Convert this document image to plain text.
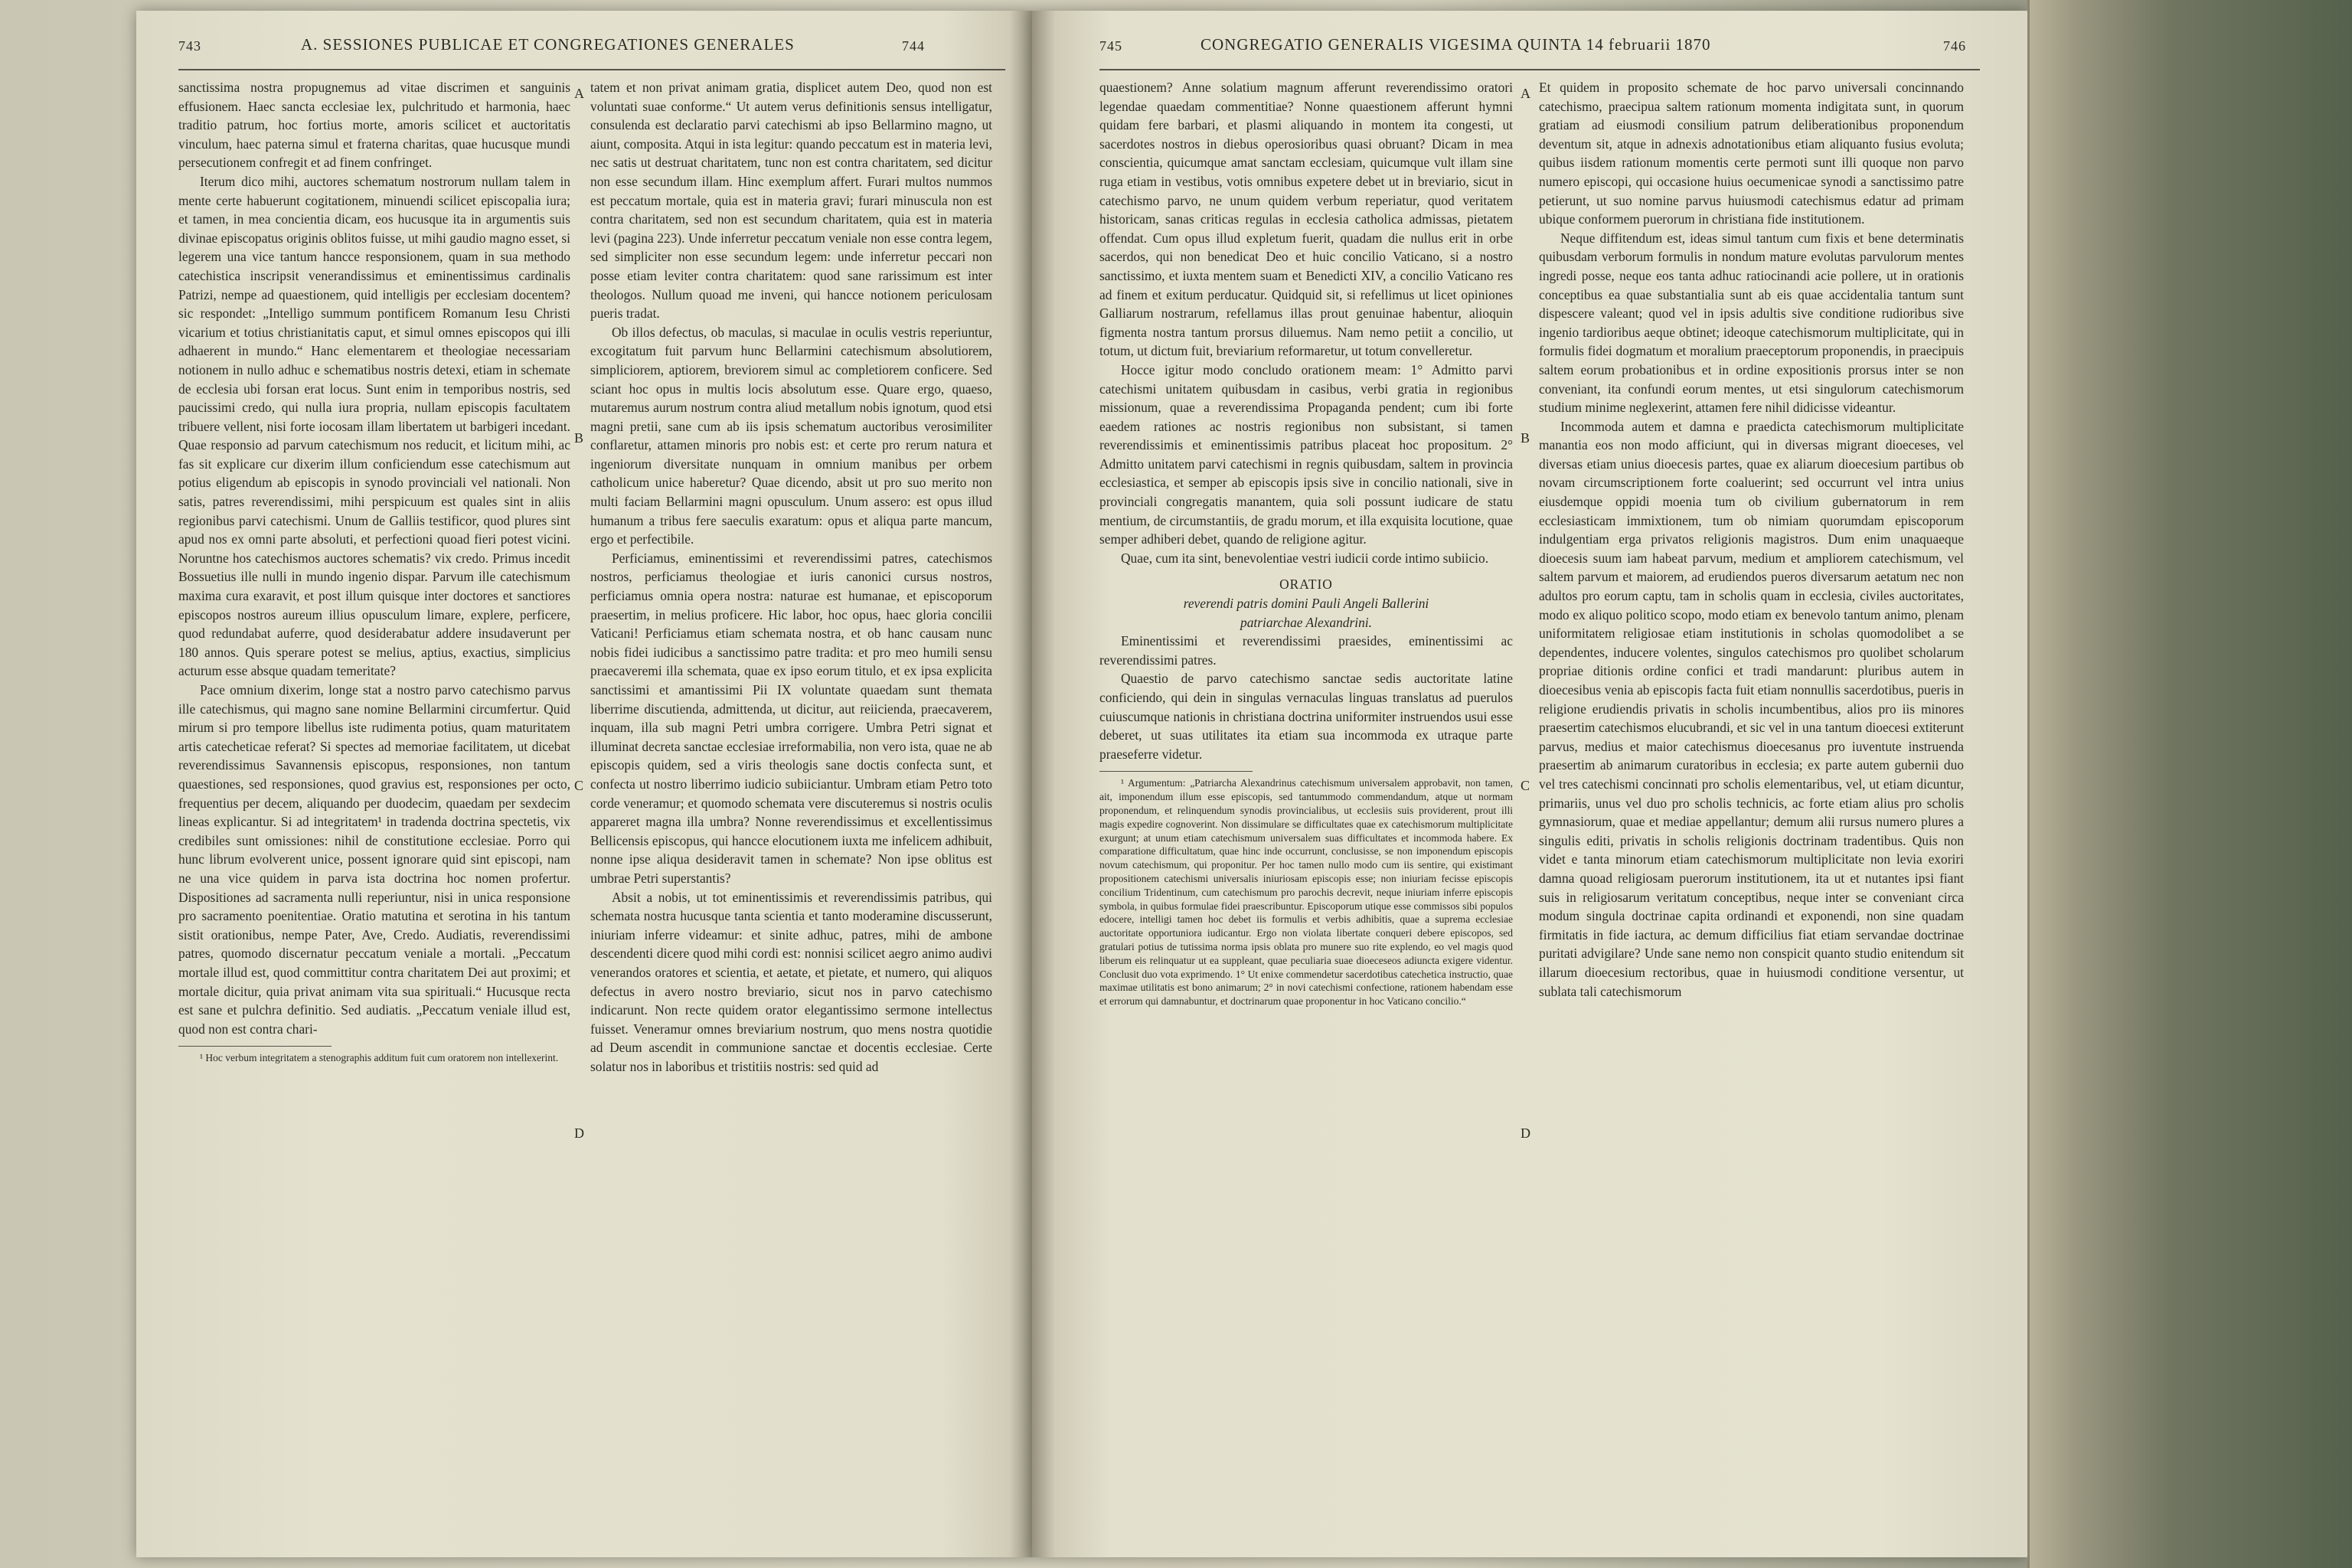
743	A. SESSIONES PUBLICAE ET CONGREGATIONES GENERALES	744

sanctissima nostra propugnemus ad vitae discrimen et sanguinis effusionem. Haec sancta ecclesiae lex, pulchritudo et harmonia, haec traditio patrum, hoc fortius morte, amoris scilicet et auctoritatis vinculum, haec paterna simul et fraterna charitas, quae hucusque mundi persecutionem confregit et ad finem confringet.

Iterum dico mihi, auctores schematum nostrorum nullam talem in mente certe habuerunt cogitationem, minuendi scilicet episcopalia iura; et tamen, in mea concientia dicam, eos hucusque ita in argumentis suis divinae episcopatus originis oblitos fuisse, ut mihi gaudio magno esset, si legerem una vice tantum hancce responsionem, quam in sua methodo catechistica inscripsit venerandissimus et eminentissimus cardinalis Patrizi, nempe ad quaestionem, quid intelligis per ecclesiam docentem? sic respondet: „Intelligo summum pontificem Romanum Iesu Christi vicarium et totius christianitatis caput, et simul omnes episcopos qui illi adhaerent in mundo.“ Hanc elementarem et theologiae necessariam notionem in nullo adhuc e schematibus nostris detexi, etiam in schemate de ecclesia ubi forsan erat locus. Sunt enim in temporibus nostris, sed paucissimi credo, qui nulla iura propria, nullam episcopis facultatem tribuere vellent, nisi forte iocosam illam libertatem ut barbigeri incedant. Quae responsio ad parvum catechismum nos reducit, et licitum mihi, ac fas sit explicare cur dixerim illum conficiendum esse catechismum aut potius eligendum ab episcopis in synodo provinciali vel nationali. Non satis, patres reverendissimi, mihi perspicuum est quales sint in aliis regionibus parvi catechismi. Unum de Galliis testificor, quod plures sint apud nos ex omni parte absoluti, et perfectioni quoad fieri potest vicini. Noruntne hos catechismos auctores schematis? vix credo. Primus incedit Bossuetius ille nulli in mundo ingenio dispar. Parvum ille catechismum maxima cura exaravit, et post illum quisque inter doctores et sanctiores episcopos nostros aureum illius opusculum limare, explere, perficere, quod redundabat auferre, quod desiderabatur addere insudaverunt per 180 annos. Quis sperare potest se melius, aptius, exactius, simplicius acturum esse absque quadam temeritate?

Pace omnium dixerim, longe stat a nostro parvo catechismo parvus ille catechismus, qui magno sane nomine Bellarmini circumfertur. Quid mirum si pro tempore libellus iste rudimenta potius, quam maturitatem artis catecheticae referat? Si spectes ad memoriae facilitatem, ut dicebat reverendissimus Savannensis episcopus, responsiones, non tantum quaestiones, sed responsiones, quod gravius est, responsiones per octo, frequentius per decem, aliquando per duodecim, quaedam per sexdecim lineas explicantur. Si ad integritatem¹ in tradenda doctrina spectetis, vix credibiles sunt omissiones: nihil de constitutione ecclesiae. Porro qui hunc librum evolverent unice, possent ignorare quid sint episcopi, nam ne una vice quidem in parva ista doctrina hoc nomen profertur. Dispositiones ad sacramenta nulli reperiuntur, nisi in unica responsione pro sacramento poenitentiae. Oratio matutina et serotina in his tantum sistit orationibus, nempe Pater, Ave, Credo. Audiatis, reverendissimi patres, quomodo discernatur peccatum veniale a mortali. „Peccatum mortale illud est, quod committitur contra charitatem Dei aut proximi; et mortale dicitur, quia privat animam vita sua spirituali.“ Hucusque recta est sane et pulchra definitio. Sed audiatis. „Peccatum veniale illud est, quod non est contra chari-

¹ Hoc verbum integritatem a stenographis additum fuit cum oratorem non intellexerint.

A
B
C
D

tatem et non privat animam gratia, displicet autem Deo, quod non est voluntati suae conforme.“ Ut autem verus definitionis sensus intelligatur, consulenda est declaratio parvi catechismi ab ipso Bellarmino magno, ut aiunt, composita. Atqui in ista legitur: quando peccatum est in materia levi, nec satis ut destruat charitatem, tunc non est contra charitatem, sed dicitur non esse secundum illam. Hinc exemplum affert. Furari multos nummos est peccatum mortale, quia est in materia gravi; furari minuscula non est contra charitatem, sed non est secundum charitatem, quia est in materia levi (pagina 223). Unde inferretur peccatum veniale non esse contra legem, sed simpliciter non esse secundum legem: unde inferretur peccari non posse etiam leviter contra charitatem: quod sane rarissimum est inter theologos. Nullum quoad me inveni, qui hancce notionem periculosam pueris tradat.

Ob illos defectus, ob maculas, si maculae in oculis vestris reperiuntur, excogitatum fuit parvum hunc Bellarmini catechismum absolutiorem, simpliciorem, aptiorem, breviorem simul ac completiorem conficere. Sed sciant hoc opus in multis locis absolutum esse. Quare ergo, quaeso, mutaremus aurum nostrum contra aliud metallum nobis ignotum, quod etsi magni pretii, sane cum ab iis ipsis schematum auctoribus verosimiliter conflaretur, attamen minoris pro nobis est: et certe pro rerum natura et ingeniorum diversitate nunquam in omnium manibus per orbem catholicum unice haberetur? Quae dicendo, absit ut pro suo merito non multi faciam Bellarmini magni opusculum. Unum assero: est opus illud humanum a tribus fere saeculis exaratum: opus et aliqua parte mancum, ergo et perfectibile.

Perficiamus, eminentissimi et reverendissimi patres, catechismos nostros, perficiamus theologiae et iuris canonici cursus nostros, perficiamus omnia opera nostra: naturae est humanae, et episcoporum praesertim, in melius proficere. Hic labor, hoc opus, haec gloria concilii Vaticani! Perficiamus etiam schemata nostra, et ob hanc causam nunc nobis fidei iudicibus a sanctissimo patre tradita: et pro meo humili sensu praecaveremi illa schemata, quae ex ipso eorum titulo, et ex ipsa explicita sanctissimi et amantissimi Pii IX voluntate quaedam sunt themata liberrime discutienda, admittenda, ut dicitur, aut reiicienda, praecaverem, inquam, illa sub magni Petri umbra corrigere. Umbra Petri signat et illuminat decreta sanctae ecclesiae irreformabilia, non vero ista, quae ne ab episcopis quidem, sed a viris theologis sane doctis confecta sunt, et confecta ut nostro liberrimo iudicio subiiciantur. Umbram etiam Petro toto corde veneramur; et quomodo schemata vere discuteremus si nostris oculis appareret magna illa umbra? Nonne reverendissimus et excellentissimus Bellicensis episcopus, qui hancce elocutionem iuxta me infelicem adhibuit, nonne ipse aliqua desideravit tamen in schemate? Non ipse oblitus est umbrae Petri superstantis?

Absit a nobis, ut tot eminentissimis et reverendissimis patribus, qui schemata nostra hucusque tanta scientia et tanto moderamine discusserunt, iniuriam inferre videamur: et sinite adhuc, patres, mihi de ambone descendenti dicere quod mihi cordi est: nonnisi scilicet aegro animo audivi venerandos oratores et scientia, et aetate, et pietate, et numero, qui aliquos defectus in avero nostro breviario, sicut nos in parvo catechismo indicarunt. Non recte quidem orator elegantissimo sermone intellectus fuisset. Veneramur omnes breviarium nostrum, quo mens nostra quotidie ad Deum ascendit in communione sanctae et docentis ecclesiae. Certe solatur nos in laboribus et tristitiis nostris: sed quid ad

745	CONGREGATIO GENERALIS VIGESIMA QUINTA 14 februarii 1870	746

quaestionem? Anne solatium magnum afferunt reverendissimo oratori legendae quaedam commentitiae? Nonne quaestionem afferunt hymni quidam fere barbari, et plasmi aliquando in montem ita congesti, ut sacerdotes nostros in diebus operosioribus quasi obruant? Dicam in mea conscientia, quicumque amat sanctam ecclesiam, quicumque vult illam sine ruga etiam in vestibus, votis omnibus expetere debet ut in breviario, sicut in catechismo parvo, ne unum quidem verbum reperiatur, quod veritatem historicam, sanas criticas regulas in ecclesia catholica admissas, pietatem offendat. Cum opus illud expletum fuerit, quadam die nullus erit in orbe sacerdos, qui non benedicat Deo et huic concilio Vaticano, si a nostro sanctissimo, et iuxta mentem suam et Benedicti XIV, a concilio Vaticano res ad finem et exitum perducatur. Quidquid sit, si refellimus ut licet opiniones Galliarum nostrarum, refellamus illas prout genuinae habentur, alioquin figmenta nostra tantum prorsus diluemus. Nam nemo petiit a concilio, ut totum, ut dictum fuit, breviarium reformaretur, ut totum convelleretur.

Hocce igitur modo concludo orationem meam: 1° Admitto parvi catechismi unitatem quibusdam in casibus, verbi gratia in regionibus missionum, quae a reverendissima Propaganda pendent; cum ibi forte eaedem rationes ac nostris regionibus non subsistant, si tamen reverendissimis et eminentissimis patribus placeat hoc propositum. 2° Admitto unitatem parvi catechismi in regnis quibusdam, saltem in provincia ecclesiastica, et semper ab episcopis ipsis sive in concilio nationali, sive in provinciali congregatis manantem, quia soli possunt iudicare de statu mentium, de circumstantiis, de gradu morum, et illa exquisita locutione, quae semper adhiberi debet, quando de religione agitur.

Quae, cum ita sint, benevolentiae vestri iudicii corde intimo subiicio.

ORATIO

reverendi patris domini Pauli Angeli Ballerini

patriarchae Alexandrini.

Eminentissimi et reverendissimi praesides, eminentissimi ac reverendissimi patres.

Quaestio de parvo catechismo sanctae sedis auctoritate latine conficiendo, qui dein in singulas vernaculas linguas translatus ad puerulos cuiuscumque nationis in christiana doctrina uniformiter instruendos usui esse deberet, ut suas utilitates ita etiam sua incommoda ex utraque parte praeseferre videtur.

¹ Argumentum: „Patriarcha Alexandrinus catechismum universalem approbavit, non tamen, ait, imponendum illum esse episcopis, sed tantummodo commendandum, atque ut normam proponendum, et relinquendum synodis provincialibus, ut ecclesiis suis providerent, prout illi magis expedire cognoverint. Non dissimulare se difficultates quae ex catechismorum multiplicitate exurgunt; at unum etiam catechismum universalem suas difficultates et incommoda habere. Ex comparatione difficultatum, quae hinc inde occurrunt, conclusisse, se non imponendum episcopis novum catechismum, qui proponitur. Per hoc tamen nullo modo cum iis sentire, qui existimant propositionem catechismi universalis iniuriosam episcopis esse; non iniuriam fecisse episcopis concilium Tridentinum, cum catechismum pro parochis decrevit, neque iniuriam inferre episcopis symbola, in quibus formulae fidei praescribuntur. Episcoporum utique esse commissos sibi populos edocere, intelligi tamen hoc debet iis formulis et verbis adhibitis, quae a suprema ecclesiae auctoritate opportuniora iudicantur. Ergo non violata libertate conqueri debere episcopos, sed gratulari potius de tutissima norma ipsis oblata pro munere suo rite explendo, eo vel magis quod liberum eis relinquatur ut ea suppleant, quae peculiaria suae dioeceseos adiuncta exigere videntur. Conclusit duo vota exprimendo. 1° Ut enixe commendetur sacerdotibus catechetica instructio, quae maximae utilitatis est bono animarum; 2° in novi catechismi confectione, rationem habendam esse et errorum qui damnabuntur, et doctrinarum quae proponentur in hoc Vaticano concilio.“

A
B
C
D

Et quidem in proposito schemate de hoc parvo universali concinnando catechismo, praecipua saltem rationum momenta indigitata sunt, in quorum gratiam ad eiusmodi consilium patrum deliberationibus proponendum deventum sit, atque in adnexis adnotationibus etiam aliquanto fusius evoluta; quibus iisdem rationum momentis certe permoti sunt illi quoque non parvo numero episcopi, qui occasione huius oecumenicae synodi a sanctissimo patre petierunt, ut suo nomine parvus huiusmodi catechismus edatur ad primam ubique conformem puerorum in christiana fide institutionem.

Neque diffitendum est, ideas simul tantum cum fixis et bene determinatis quibusdam verborum formulis in nondum mature evolutas parvulorum mentes ingredi posse, neque eos tanta adhuc ratiocinandi acie pollere, ut in orationis conceptibus ea quae substantialia sunt ab eis quae accidentalia tantum sunt dispescere valeant; quod vel in ipsis adultis sive conditione rudioribus sive ingenio tardioribus aeque obtinet; ideoque catechismorum multiplicitate, qui in formulis fidei dogmatum et moralium praeceptorum proponendis, in praecipuis saltem eorum probationibus et in ordine expositionis prorsus inter se non conveniant, ita confundi eorum mentes, ut etsi singulorum catechismorum studium minime neglexerint, attamen fere nihil didicisse videantur.

Incommoda autem et damna e praedicta catechismorum multiplicitate manantia eos non modo afficiunt, qui in diversas migrant dioeceses, vel diversas etiam unius dioecesis partes, quae ex aliarum dioecesium partibus ob novam circumscriptionem forte coaluerint; sed occurrunt vel intra unius eiusdemque oppidi moenia tum ob civilium gubernatorum in rem ecclesiasticam immixtionem, tum ob nimiam quorumdam episcoporum indulgentiam erga privatos religionis magistros. Dum enim unaquaeque dioecesis suum iam habeat parvum, medium et ampliorem catechismum, vel saltem parvum et maiorem, ad erudiendos pueros diversarum aetatum nec non adultos pro eorum captu, tam in scholis quam in ecclesia, civiles auctoritates, modo ex aliquo politico scopo, modo etiam ex benevolo tantum animo, plenam uniformitatem religiosae etiam institutionis in scholas quomodolibet a se dependentes, inducere volentes, singulos catechismos pro quolibet scholarum propriae ditionis ordine confici et tradi mandarunt: pluribus autem in dioecesibus venia ab episcopis facta fuit etiam nonnullis sacerdotibus, pueris in religione erudiendis privatis in scholis incumbentibus, alios pro iis minores praesertim catechismos elucubrandi, et sic vel in una tantum dioecesi extiterunt parvus, medius et maior catechismus dioecesanus pro iuventute instruenda praesertim ab animarum curatoribus in ecclesia; ex parte autem gubernii duo vel tres catechismi concinnati pro scholis elementaribus, vel, ut etiam dicuntur, primariis, unus vel duo pro scholis technicis, ac forte etiam alius pro scholis gymnasiorum, quae et mediae appellantur; demum alii rursus numero plures a singulis editi, privatis in scholis religionis doctrinam tradentibus. Quis non videt e tanta minorum etiam catechismorum multiplicitate non levia exoriri damna quoad religiosam puerorum institutionem, ita ut et nutantes ipsi fiant suis in religiosarum veritatum conceptibus, neque inter se conveniant circa modum singula doctrinae capita ordinandi et exponendi, non sine quadam firmitatis in fide iactura, ac demum difficilius fiat etiam servandae doctrinae puritati advigilare? Unde sane nemo non conspicit quanto studio enitendum sit illarum dioecesium rectoribus, quae in huiusmodi conditione versentur, ut sublata tali catechismorum
